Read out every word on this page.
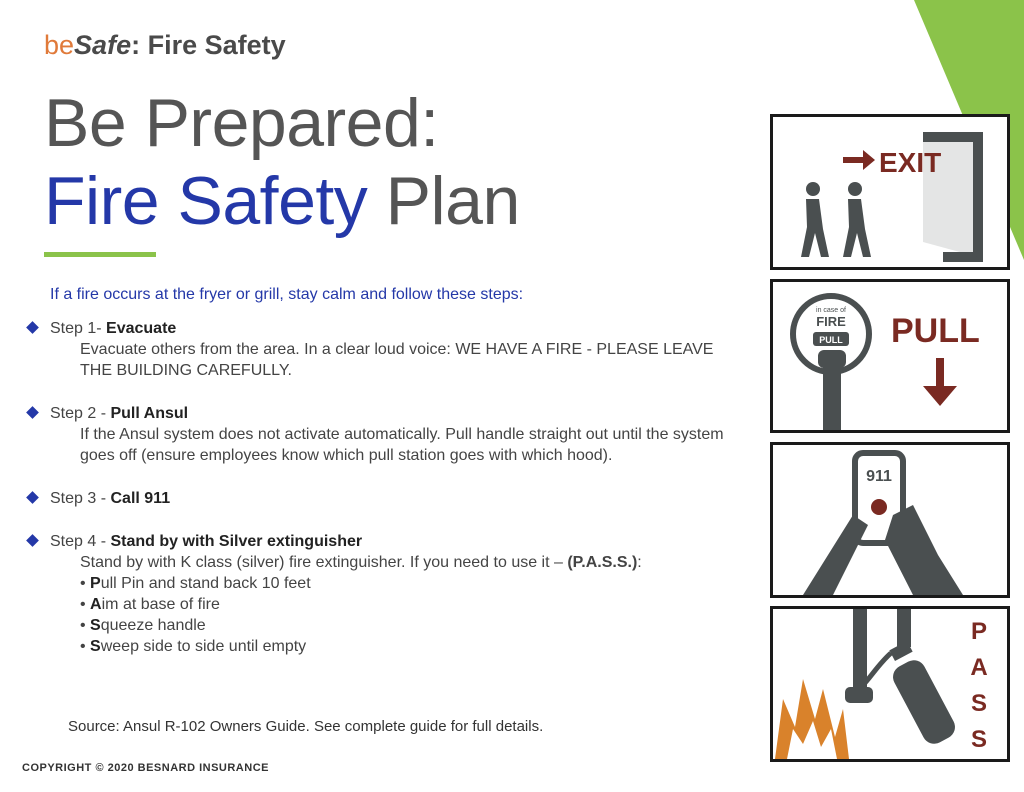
beSafe: Fire Safety
Be Prepared:
Fire Safety Plan
If a fire occurs at the fryer or grill, stay calm and follow these steps:
Step 1- Evacuate
Evacuate others from the area. In a clear loud voice: WE HAVE A FIRE - PLEASE LEAVE THE BUILDING CAREFULLY.
Step 2 - Pull Ansul
If the Ansul system does not activate automatically. Pull handle straight out until the system goes off (ensure employees know which pull station goes with which hood).
Step 3 - Call 911
Step 4 - Stand by with Silver extinguisher
Stand by with K class (silver) fire extinguisher. If you need to use it – (P.A.S.S.):
• Pull Pin and stand back 10 feet
• Aim at base of fire
• Squeeze handle
• Sweep side to side until empty
Source: Ansul R-102 Owners Guide. See complete guide for full details.
COPYRIGHT © 2020 BESNARD INSURANCE
EXIT
in case of
FIRE
PULL PULL
911
P
A
S
S
